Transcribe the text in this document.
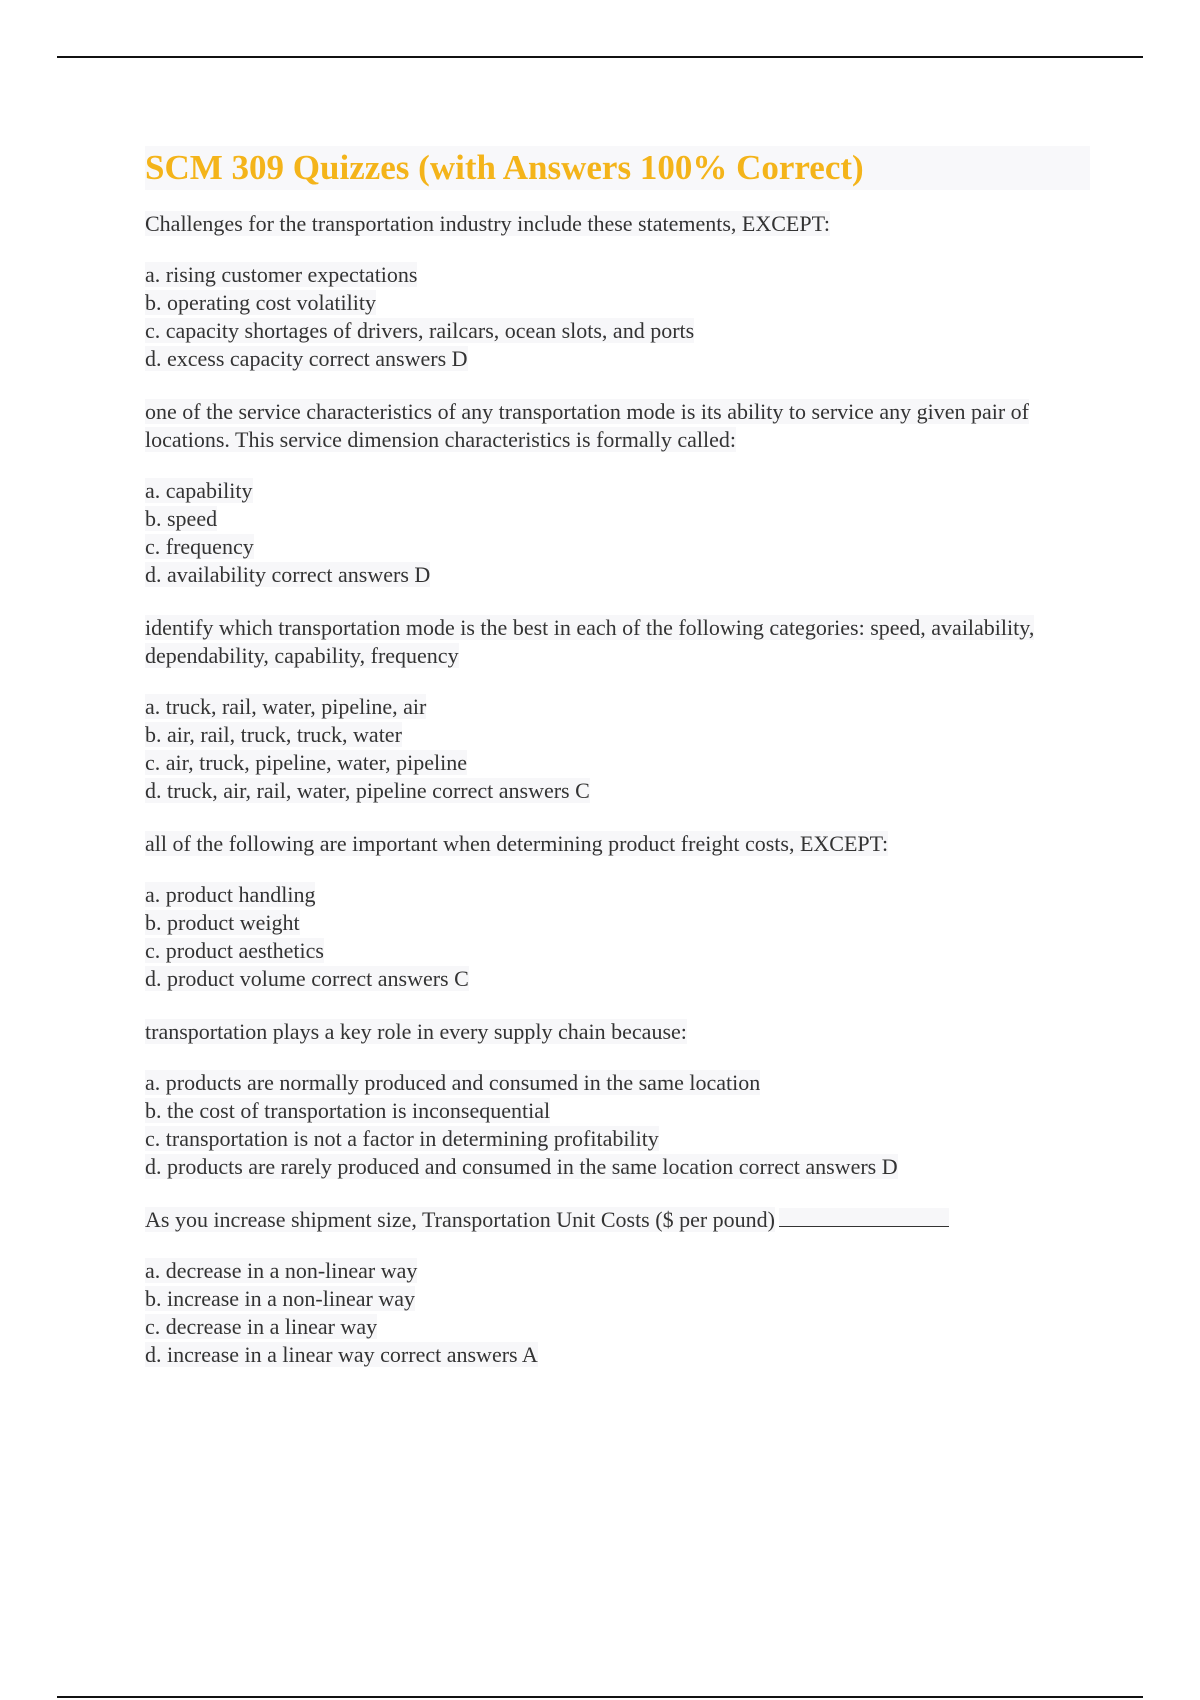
SCM 309 Quizzes (with Answers 100% Correct)
Challenges for the transportation industry include these statements, EXCEPT:
a. rising customer expectations
b. operating cost volatility
c. capacity shortages of drivers, railcars, ocean slots, and ports
d. excess capacity correct answers D
one of the service characteristics of any transportation mode is its ability to service any given pair of locations. This service dimension characteristics is formally called:
a. capability
b. speed
c. frequency
d. availability correct answers D
identify which transportation mode is the best in each of the following categories: speed, availability, dependability, capability, frequency
a. truck, rail, water, pipeline, air
b. air, rail, truck, truck, water
c. air, truck, pipeline, water, pipeline
d. truck, air, rail, water, pipeline correct answers C
all of the following are important when determining product freight costs, EXCEPT:
a. product handling
b. product weight
c. product aesthetics
d. product volume correct answers C
transportation plays a key role in every supply chain because:
a. products are normally produced and consumed in the same location
b. the cost of transportation is inconsequential
c. transportation is not a factor in determining profitability
d. products are rarely produced and consumed in the same location correct answers D
As you increase shipment size, Transportation Unit Costs ($ per pound)
a. decrease in a non-linear way
b. increase in a non-linear way
c. decrease in a linear way
d. increase in a linear way correct answers A
